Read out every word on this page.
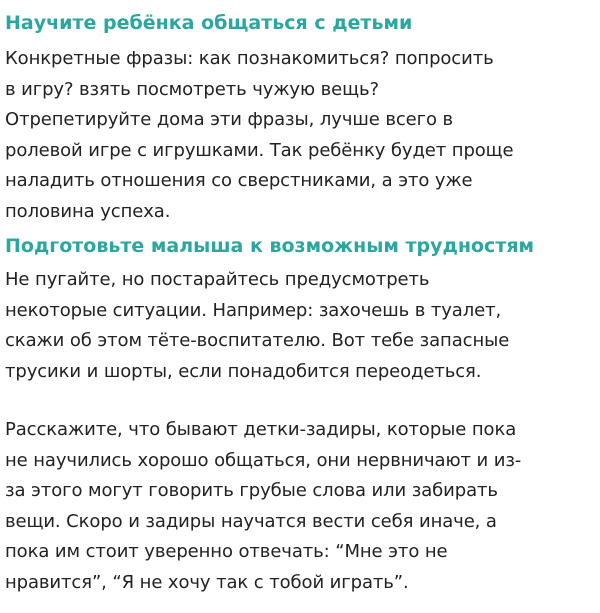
Научите ребёнка общаться с детьми

Конкретные фразы: как познакомиться? попросить
в игру? взять посмотреть чужую вещь?
Отрепетируйте дома эти фразы, лучше всего в
ролевой игре с игрушками. Так ребёнку будет проще
наладить отношения со сверстниками, а это уже
половина успеха.

Подготовьте малыша к возможным трудностям

Не пугайте, но постарайтесь предусмотреть
некоторые ситуации. Например: захочешь в туалет,
скажи об этом тёте-воспитателю. Вот тебе запасные
трусики и шорты, если понадобится переодеться.

Расскажите, что бывают детки-задиры, которые пока
не научились хорошо общаться, они нервничают и из-
за этого могут говорить грубые слова или забирать
вещи. Скоро и задиры научатся вести себя иначе, а
пока им стоит уверенно отвечать: “Мне это не
нравится”, “Я не хочу так с тобой играть”.
